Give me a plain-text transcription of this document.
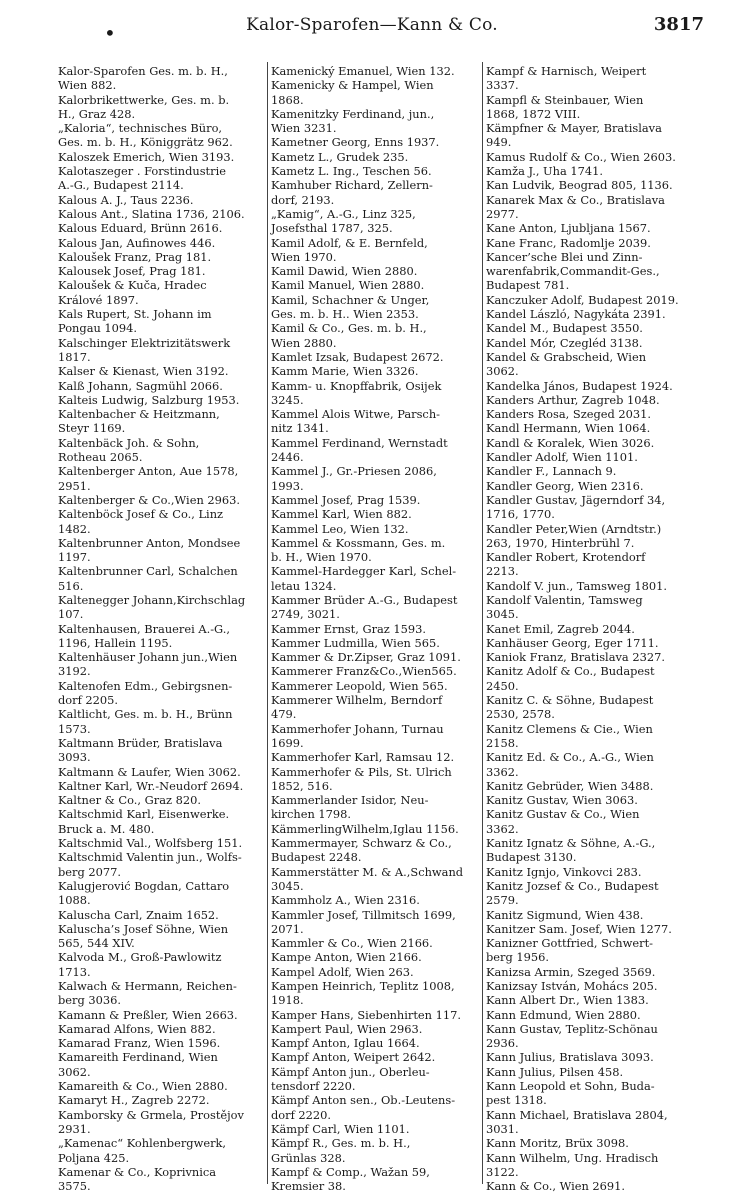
•	Kalor-Sparofen—Kann & Co.	3817

Kalor-Sparofen Ges. m. b. H.,
Wien 882.

Kalorbrikettwerke, Ges. m. b.
H., Graz 428.

„Kaloria“, technisches Büro,
Ges. m. b. H., Königgrätz 962.

Kaloszek Emerich, Wien 3193.

Kalotaszeger . Forstindustrie
A.-G., Budapest 2114.

Kalous A. J., Taus 2236.

Kalous Ant., Slatina 1736, 2106.

Kalous Eduard, Brünn 2616.

Kalous Jan, Aufinowes 446.

Kaloušek Franz, Prag 181.

Kalousek Josef, Prag 181.

Kaloušek & Kuča, Hradec
Králové 1897.

Kals Rupert, St. Johann im
Pongau 1094.

Kalschinger Elektrizitätswerk
1817.

Kalser & Kienast, Wien 3192.

Kalß Johann, Sagmühl 2066.

Kalteis Ludwig, Salzburg 1953.

Kaltenbacher & Heitzmann,
Steyr 1169.

Kaltenbäck Joh. & Sohn,
Rotheau 2065.

Kaltenberger Anton, Aue 1578,
2951.

Kaltenberger & Co.,Wien 2963.

Kaltenböck Josef & Co., Linz
1482.

Kaltenbrunner Anton, Mondsee
1197.

Kaltenbrunner Carl, Schalchen
516.

Kaltenegger Johann,Kirchschlag
107.

Kaltenhausen, Brauerei A.-G.,
1196, Hallein 1195.

Kaltenhäuser Johann jun.,Wien
3192.

Kaltenofen Edm., Gebirgsnen-
dorf 2205.

Kaltlicht, Ges. m. b. H., Brünn
1573.

Kaltmann Brüder, Bratislava
3093.

Kaltmann & Laufer, Wien 3062.

Kaltner Karl, Wr.-Neudorf 2694.

Kaltner & Co., Graz 820.

Kaltschmid Karl, Eisenwerke.
Bruck a. M. 480.

Kaltschmid Val., Wolfsberg 151.

Kaltschmid Valentin jun., Wolfs-
berg 2077.

Kalugjerović Bogdan, Cattaro
1088.

Kaluscha Carl, Znaim 1652.

Kaluscha’s Josef Söhne, Wien
565, 544 XIV.

Kalvoda M., Groß-Pawlowitz
1713.

Kalwach & Hermann, Reichen-
berg 3036.

Kamann & Preßler, Wien 2663.

Kamarad Alfons, Wien 882.

Kamarad Franz, Wien 1596.

Kamareith Ferdinand, Wien
3062.

Kamareith & Co., Wien 2880.

Kamaryt H., Zagreb 2272.

Kamborsky & Grmela, Prostějov
2931.

„Kamenac“ Kohlenbergwerk,
Poljana 425.

Kamenar & Co., Koprivnica
3575.

Kamenický Emanuel, Wien 132.

Kamenicky & Hampel, Wien
1868.

Kamenitzky Ferdinand, jun.,
Wien 3231.

Kametner Georg, Enns 1937.

Kametz L., Grudek 235.

Kametz L. Ing., Teschen 56.

Kamhuber Richard, Zellern-
dorf, 2193.

„Kamig“, A.-G., Linz 325,
Josefsthal 1787, 325.

Kamil Adolf, & E. Bernfeld,
Wien 1970.

Kamil Dawid, Wien 2880.

Kamil Manuel, Wien 2880.

Kamil, Schachner & Unger,
Ges. m. b. H.. Wien 2353.

Kamil & Co., Ges. m. b. H.,
Wien 2880.

Kamlet Izsak, Budapest 2672.

Kamm Marie, Wien 3326.

Kamm- u. Knopffabrik, Osijek
3245.

Kammel Alois Witwe, Parsch-
nitz 1341.

Kammel Ferdinand, Wernstadt
2446.

Kammel J., Gr.-Priesen 2086,
1993.

Kammel Josef, Prag 1539.

Kammel Karl, Wien 882.

Kammel Leo, Wien 132.

Kammel & Kossmann, Ges. m.
b. H., Wien 1970.

Kammel-Hardegger Karl, Schel-
letau 1324.

Kammer Brüder A.-G., Budapest
2749, 3021.

Kammer Ernst, Graz 1593.

Kammer Ludmilla, Wien 565.

Kammer & Dr.Zipser, Graz 1091.

Kammerer Franz&Co.,Wien565.

Kammerer Leopold, Wien 565.

Kammerer Wilhelm, Berndorf
479.

Kammerhofer Johann, Turnau
1699.

Kammerhofer Karl, Ramsau 12.

Kammerhofer & Pils, St. Ulrich
1852, 516.

Kammerlander Isidor, Neu-
kirchen 1798.

KämmerlingWilhelm,Iglau 1156.

Kammermayer, Schwarz & Co.,
Budapest 2248.

Kammerstätter M. & A.,Schwand
3045.

Kammholz A., Wien 2316.

Kammler Josef, Tillmitsch 1699,
2071.

Kammler & Co., Wien 2166.

Kampe Anton, Wien 2166.

Kampel Adolf, Wien 263.

Kampen Heinrich, Teplitz 1008,
1918.

Kamper Hans, Siebenhirten 117.

Kampert Paul, Wien 2963.

Kampf Anton, Iglau 1664.

Kampf Anton, Weipert 2642.

Kämpf Anton jun., Oberleu-
tensdorf 2220.

Kämpf Anton sen., Ob.-Leutens-
dorf 2220.

Kämpf Carl, Wien 1101.

Kämpf R., Ges. m. b. H.,
Grünlas 328.

Kampf & Comp., Wažan 59,
Kremsier 38.

Kampf & Harnisch, Weipert
3337.

Kampfl & Steinbauer, Wien
1868, 1872 VIII.

Kämpfner & Mayer, Bratislava
949.

Kamus Rudolf & Co., Wien 2603.

Kamža J., Uha 1741.

Kan Ludvik, Beograd 805, 1136.

Kanarek Max & Co., Bratislava
2977.

Kane Anton, Ljubljana 1567.

Kane Franc, Radomlje 2039.

Kancer’sche Blei und Zinn-
warenfabrik,Commandit-Ges.,
Budapest 781.

Kanczuker Adolf, Budapest 2019.

Kandel László, Nagykáta 2391.

Kandel M., Budapest 3550.

Kandel Mór, Czegléd 3138.

Kandel & Grabscheid, Wien
3062.

Kandelka János, Budapest 1924.

Kanders Arthur, Zagreb 1048.

Kanders Rosa, Szeged 2031.

Kandl Hermann, Wien 1064.

Kandl & Koralek, Wien 3026.

Kandler Adolf, Wien 1101.

Kandler F., Lannach 9.

Kandler Georg, Wien 2316.

Kandler Gustav, Jägerndorf 34,
1716, 1770.

Kandler Peter,Wien (Arndtstr.)
263, 1970, Hinterbrühl 7.

Kandler Robert, Krotendorf
2213.

Kandolf V. jun., Tamsweg 1801.

Kandolf Valentin, Tamsweg
3045.

Kanet Emil, Zagreb 2044.

Kanhäuser Georg, Eger 1711.

Kaniok Franz, Bratislava 2327.

Kanitz Adolf & Co., Budapest
2450.

Kanitz C. & Söhne, Budapest
2530, 2578.

Kanitz Clemens & Cie., Wien
2158.

Kanitz Ed. & Co., A.-G., Wien
3362.

Kanitz Gebrüder, Wien 3488.

Kanitz Gustav, Wien 3063.

Kanitz Gustav & Co., Wien
3362.

Kanitz Ignatz & Söhne, A.-G.,
Budapest 3130.

Kanitz Ignjo, Vinkovci 283.

Kanitz Jozsef & Co., Budapest
2579.

Kanitz Sigmund, Wien 438.

Kanitzer Sam. Josef, Wien 1277.

Kanizner Gottfried, Schwert-
berg 1956.

Kanizsa Armin, Szeged 3569.

Kanizsay István, Mohács 205.

Kann Albert Dr., Wien 1383.

Kann Edmund, Wien 2880.

Kann Gustav, Teplitz-Schönau
2936.

Kann Julius, Bratislava 3093.

Kann Julius, Pilsen 458.

Kann Leopold et Sohn, Buda-
pest 1318.

Kann Michael, Bratislava 2804,
3031.

Kann Moritz, Brüx 3098.

Kann Wilhelm, Ung. Hradisch
3122.

Kann & Co., Wien 2691.
